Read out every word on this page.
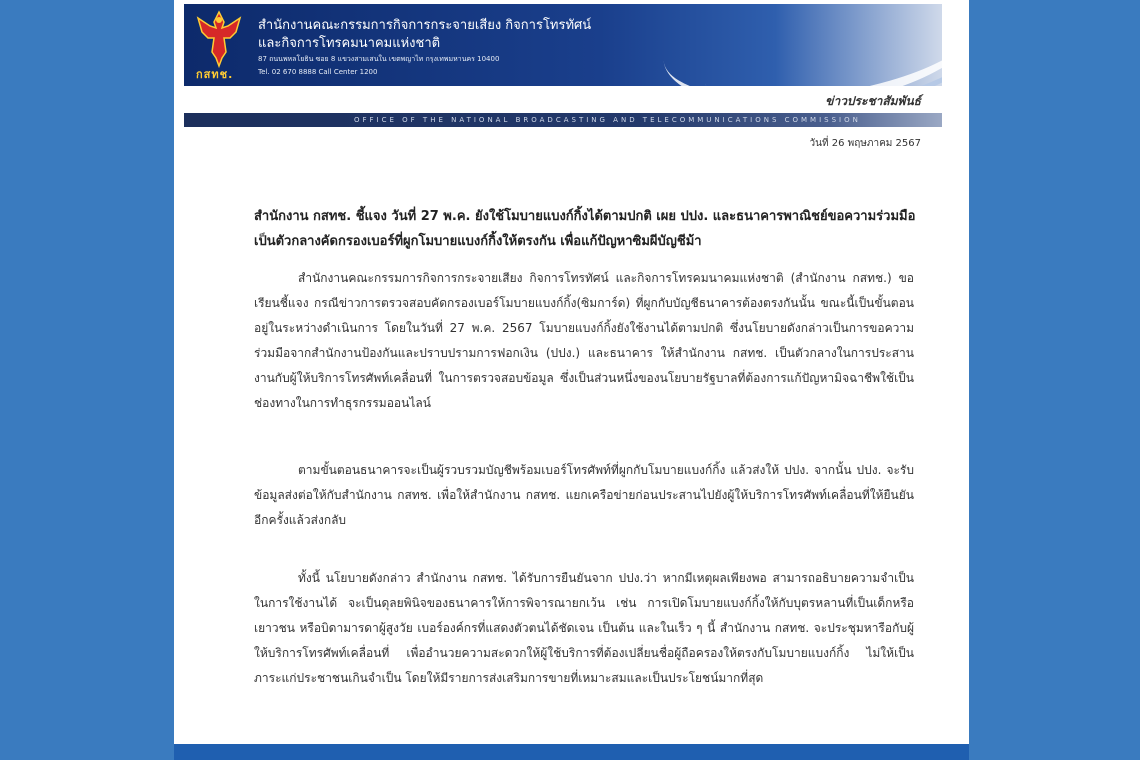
กสทช.
สำนักงานคณะกรรมการกิจการกระจายเสียง กิจการโทรทัศน์
และกิจการโทรคมนาคมแห่งชาติ
87 ถนนพหลโยธิน ซอย 8 แขวงสามเสนใน เขตพญาไท กรุงเทพมหานคร 10400
Tel. 02 670 8888 Call Center 1200
ข่าวประชาสัมพันธ์
OFFICE OF THE NATIONAL BROADCASTING AND TELECOMMUNICATIONS COMMISSION
วันที่ 26 พฤษภาคม 2567
สำนักงาน กสทช. ชี้แจง วันที่ 27 พ.ค. ยังใช้โมบายแบงก์กิ้งได้ตามปกติ เผย ปปง. และธนาคารพาณิชย์ขอความร่วมมือเป็นตัวกลางคัดกรองเบอร์ที่ผูกโมบายแบงก์กิ้งให้ตรงกัน เพื่อแก้ปัญหาซิมผีบัญชีม้า

สำนักงานคณะกรรมการกิจการกระจายเสียง กิจการโทรทัศน์ และกิจการโทรคมนาคมแห่งชาติ (สำนักงาน กสทช.) ขอเรียนชี้แจง กรณีข่าวการตรวจสอบคัดกรองเบอร์โมบายแบงก์กิ้ง(ซิมการ์ด) ที่ผูกกับบัญชีธนาคารต้องตรงกันนั้น ขณะนี้เป็นขั้นตอนอยู่ในระหว่างดำเนินการ โดยในวันที่ 27 พ.ค. 2567 โมบายแบงก์กิ้งยังใช้งานได้ตามปกติ ซึ่งนโยบายดังกล่าวเป็นการขอความร่วมมือจากสำนักงานป้องกันและปราบปรามการฟอกเงิน (ปปง.) และธนาคาร ให้สำนักงาน กสทช. เป็นตัวกลางในการประสานงานกับผู้ให้บริการโทรศัพท์เคลื่อนที่ ในการตรวจสอบข้อมูล ซึ่งเป็นส่วนหนึ่งของนโยบายรัฐบาลที่ต้องการแก้ปัญหามิจฉาชีพใช้เป็นช่องทางในการทำธุรกรรมออนไลน์

ตามขั้นตอนธนาคารจะเป็นผู้รวบรวมบัญชีพร้อมเบอร์โทรศัพท์ที่ผูกกับโมบายแบงก์กิ้ง แล้วส่งให้ ปปง. จากนั้น ปปง. จะรับข้อมูลส่งต่อให้กับสำนักงาน กสทช. เพื่อให้สำนักงาน กสทช. แยกเครือข่ายก่อนประสานไปยังผู้ให้บริการโทรศัพท์เคลื่อนที่ให้ยืนยันอีกครั้งแล้วส่งกลับ

ทั้งนี้ นโยบายดังกล่าว สำนักงาน กสทช. ได้รับการยืนยันจาก ปปง.ว่า หากมีเหตุผลเพียงพอ สามารถอธิบายความจำเป็นในการใช้งานได้ จะเป็นดุลยพินิจของธนาคารให้การพิจารณายกเว้น เช่น การเปิดโมบายแบงก์กิ้งให้กับบุตรหลานที่เป็นเด็กหรือเยาวชน หรือบิดามารดาผู้สูงวัย เบอร์องค์กรที่แสดงตัวตนได้ชัดเจน เป็นต้น และในเร็ว ๆ นี้ สำนักงาน กสทช. จะประชุมหารือกับผู้ให้บริการโทรศัพท์เคลื่อนที่ เพื่ออำนวยความสะดวกให้ผู้ใช้บริการที่ต้องเปลี่ยนชื่อผู้ถือครองให้ตรงกับโมบายแบงก์กิ้ง ไม่ให้เป็นภาระแก่ประชาชนเกินจำเป็น โดยให้มีรายการส่งเสริมการขายที่เหมาะสมและเป็นประโยชน์มากที่สุด
